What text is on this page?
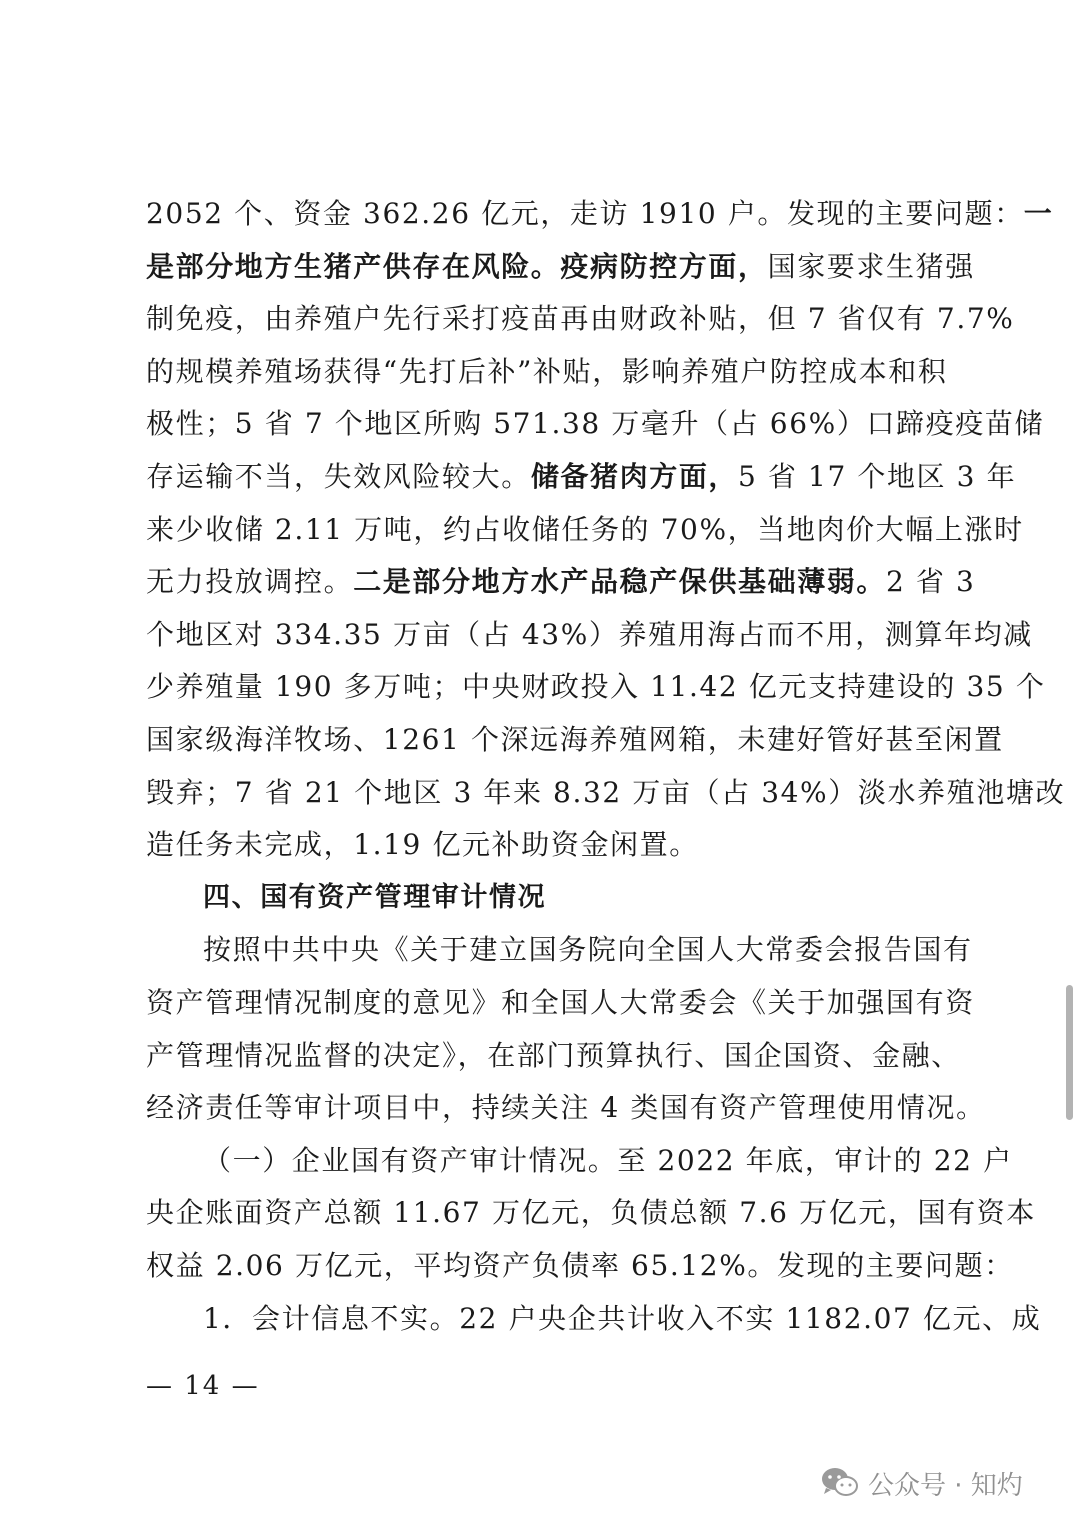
2052 个、资金 362.26 亿元，走访 1910 户。发现的主要问题：一
是部分地方生猪产供存在风险。疫病防控方面，国家要求生猪强
制免疫，由养殖户先行采打疫苗再由财政补贴，但 7 省仅有 7.7%
的规模养殖场获得“先打后补”补贴，影响养殖户防控成本和积
极性；5 省 7 个地区所购 571.38 万毫升（占 66%）口蹄疫疫苗储
存运输不当，失效风险较大。储备猪肉方面，5 省 17 个地区 3 年
来少收储 2.11 万吨，约占收储任务的 70%，当地肉价大幅上涨时
无力投放调控。二是部分地方水产品稳产保供基础薄弱。2 省 3
个地区对 334.35 万亩（占 43%）养殖用海占而不用，测算年均减
少养殖量 190 多万吨；中央财政投入 11.42 亿元支持建设的 35 个
国家级海洋牧场、1261 个深远海养殖网箱，未建好管好甚至闲置
毁弃；7 省 21 个地区 3 年来 8.32 万亩（占 34%）淡水养殖池塘改
造任务未完成，1.19 亿元补助资金闲置。
四、国有资产管理审计情况
按照中共中央《关于建立国务院向全国人大常委会报告国有
资产管理情况制度的意见》和全国人大常委会《关于加强国有资
产管理情况监督的决定》，在部门预算执行、国企国资、金融、
经济责任等审计项目中，持续关注 4 类国有资产管理使用情况。
（一）企业国有资产审计情况。至 2022 年底，审计的 22 户
央企账面资产总额 11.67 万亿元，负债总额 7.6 万亿元，国有资本
权益 2.06 万亿元，平均资产负债率 65.12%。发现的主要问题：
1．会计信息不实。22 户央企共计收入不实 1182.07 亿元、成
— 14 —
公众号 · 知灼
